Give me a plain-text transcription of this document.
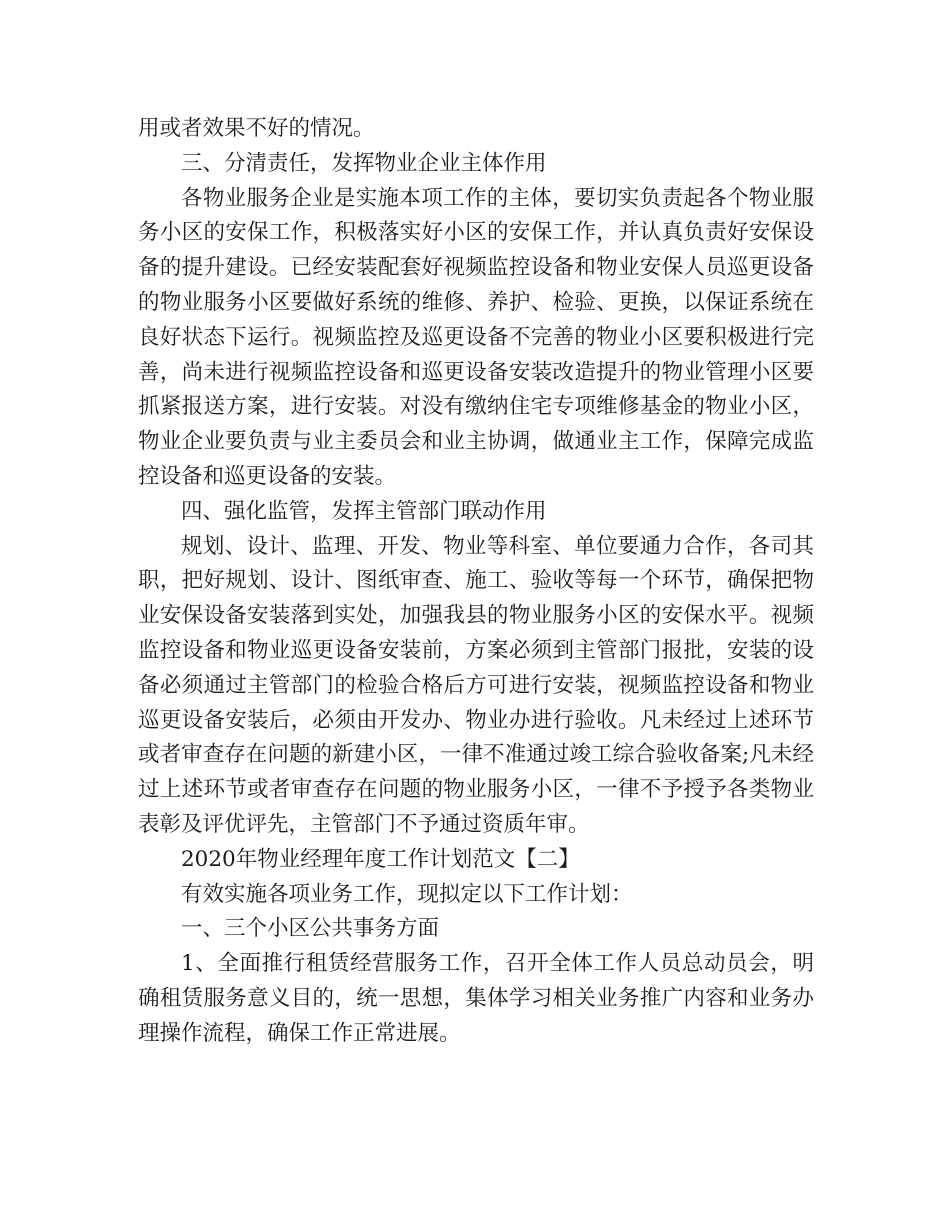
用或者效果不好的情况。

三、分清责任，发挥物业企业主体作用

各物业服务企业是实施本项工作的主体，要切实负责起各个物业服务小区的安保工作，积极落实好小区的安保工作，并认真负责好安保设备的提升建设。已经安装配套好视频监控设备和物业安保人员巡更设备的物业服务小区要做好系统的维修、养护、检验、更换，以保证系统在良好状态下运行。视频监控及巡更设备不完善的物业小区要积极进行完善，尚未进行视频监控设备和巡更设备安装改造提升的物业管理小区要抓紧报送方案，进行安装。对没有缴纳住宅专项维修基金的物业小区，物业企业要负责与业主委员会和业主协调，做通业主工作，保障完成监控设备和巡更设备的安装。

四、强化监管，发挥主管部门联动作用

规划、设计、监理、开发、物业等科室、单位要通力合作，各司其职，把好规划、设计、图纸审查、施工、验收等每一个环节，确保把物业安保设备安装落到实处，加强我县的物业服务小区的安保水平。视频监控设备和物业巡更设备安装前，方案必须到主管部门报批，安装的设备必须通过主管部门的检验合格后方可进行安装，视频监控设备和物业巡更设备安装后，必须由开发办、物业办进行验收。凡未经过上述环节或者审查存在问题的新建小区，一律不准通过竣工综合验收备案;凡未经过上述环节或者审查存在问题的物业服务小区，一律不予授予各类物业表彰及评优评先，主管部门不予通过资质年审。

2020年物业经理年度工作计划范文【二】

有效实施各项业务工作，现拟定以下工作计划：

一、三个小区公共事务方面

1、全面推行租赁经营服务工作，召开全体工作人员总动员会，明确租赁服务意义目的，统一思想，集体学习相关业务推广内容和业务办理操作流程，确保工作正常进展。
